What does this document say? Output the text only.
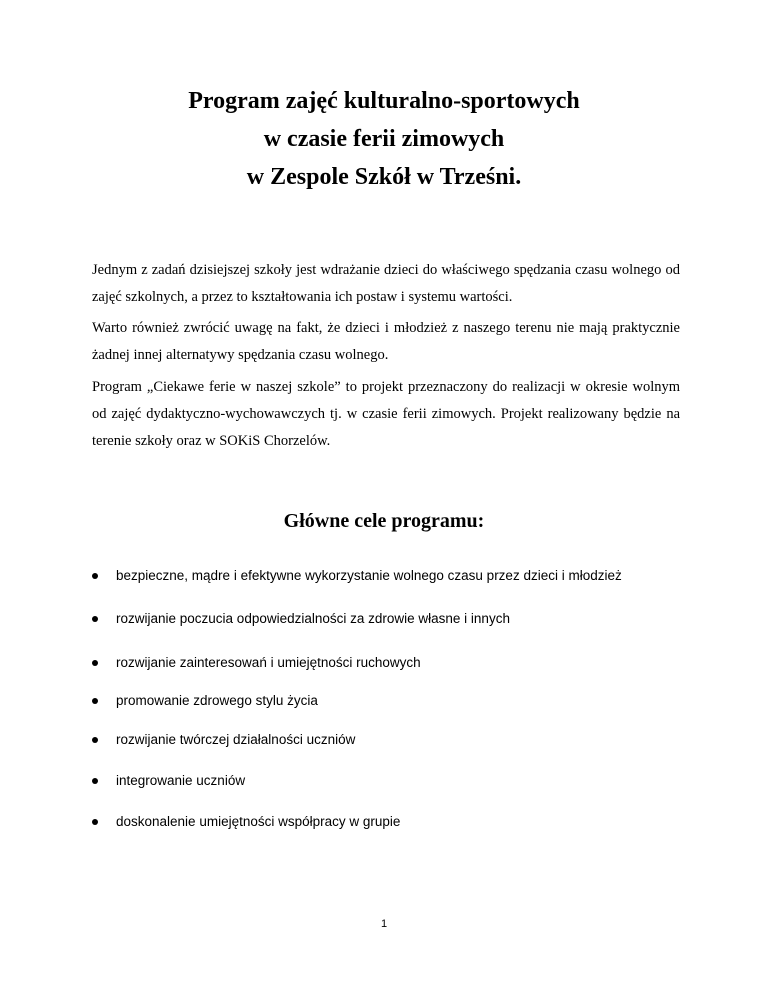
Program zajęć kulturalno-sportowych
w czasie ferii zimowych
w Zespole Szkół w Trześni.
Jednym z zadań dzisiejszej szkoły jest wdrażanie dzieci do właściwego spędzania czasu wolnego od zajęć szkolnych, a przez to kształtowania ich postaw i systemu wartości.
Warto również zwrócić uwagę na fakt, że dzieci i młodzież z naszego terenu nie mają praktycznie żadnej innej alternatywy spędzania czasu wolnego.
Program „Ciekawe ferie w naszej szkole” to projekt przeznaczony do realizacji w okresie wolnym od zajęć dydaktyczno-wychowawczych tj. w czasie ferii zimowych. Projekt realizowany będzie na terenie szkoły oraz w SOKiS Chorzelów.
Główne cele programu:
bezpieczne, mądre i efektywne wykorzystanie wolnego czasu przez dzieci i młodzież
rozwijanie poczucia odpowiedzialności za zdrowie własne i innych
rozwijanie zainteresowań i umiejętności ruchowych
promowanie zdrowego stylu życia
rozwijanie twórczej działalności uczniów
integrowanie uczniów
doskonalenie umiejętności współpracy w grupie
1
